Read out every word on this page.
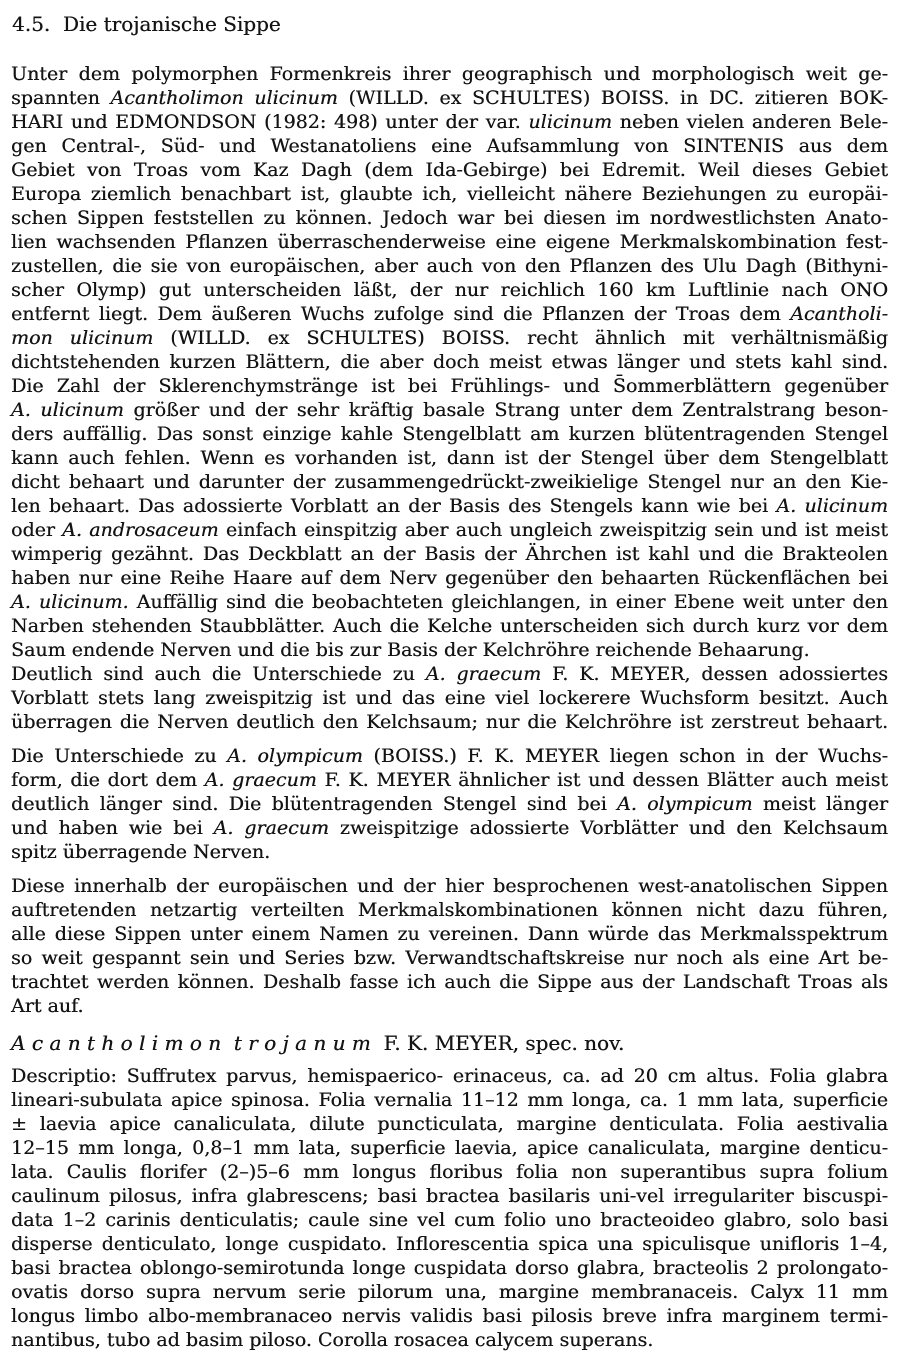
4.5.  Die trojanische Sippe
Unter dem polymorphen Formenkreis ihrer geographisch und morphologisch weit ge-
spannten Acantholimon ulicinum (WILLD. ex SCHULTES) BOISS. in DC. zitieren BOK-
HARI und EDMONDSON (1982: 498) unter der var. ulicinum neben vielen anderen Bele-
gen Central-, Süd- und Westanatoliens eine Aufsammlung von SINTENIS aus dem
Gebiet von Troas vom Kaz Dagh (dem Ida-Gebirge) bei Edremit. Weil dieses Gebiet
Europa ziemlich benachbart ist, glaubte ich, vielleicht nähere Beziehungen zu europäi-
schen Sippen feststellen zu können. Jedoch war bei diesen im nordwestlichsten Anato-
lien wachsenden Pflanzen überraschenderweise eine eigene Merkmalskombination fest-
zustellen, die sie von europäischen, aber auch von den Pflanzen des Ulu Dagh (Bithyni-
scher Olymp) gut unterscheiden läßt, der nur reichlich 160 km Luftlinie nach ONO
entfernt liegt. Dem äußeren Wuchs zufolge sind die Pflanzen der Troas dem Acantholi-
mon ulicinum (WILLD. ex SCHULTES) BOISS. recht ähnlich mit verhältnismäßig
dichtstehenden kurzen Blättern, die aber doch meist etwas länger und stets kahl sind.
Die Zahl der Sklerenchymstränge ist bei Frühlings- und S̄ommerblättern gegenüber
A. ulicinum größer und der sehr kräftig basale Strang unter dem Zentralstrang beson-
ders auffällig. Das sonst einzige kahle Stengelblatt am kurzen blütentragenden Stengel
kann auch fehlen. Wenn es vorhanden ist, dann ist der Stengel über dem Stengelblatt
dicht behaart und darunter der zusammengedrückt-zweikielige Stengel nur an den Kie-
len behaart. Das adossierte Vorblatt an der Basis des Stengels kann wie bei A. ulicinum
oder A. androsaceum einfach einspitzig aber auch ungleich zweispitzig sein und ist meist
wimperig gezähnt. Das Deckblatt an der Basis der Ährchen ist kahl und die Brakteolen
haben nur eine Reihe Haare auf dem Nerv gegenüber den behaarten Rückenflächen bei
A. ulicinum. Auffällig sind die beobachteten gleichlangen, in einer Ebene weit unter den
Narben stehenden Staubblätter. Auch die Kelche unterscheiden sich durch kurz vor dem
Saum endende Nerven und die bis zur Basis der Kelchröhre reichende Behaarung.
Deutlich sind auch die Unterschiede zu A. graecum F. K. MEYER, dessen adossiertes
Vorblatt stets lang zweispitzig ist und das eine viel lockerere Wuchsform besitzt. Auch
überragen die Nerven deutlich den Kelchsaum; nur die Kelchröhre ist zerstreut behaart.
Die Unterschiede zu A. olympicum (BOISS.) F. K. MEYER liegen schon in der Wuchs-
form, die dort dem A. graecum F. K. MEYER ähnlicher ist und dessen Blätter auch meist
deutlich länger sind. Die blütentragenden Stengel sind bei A. olympicum meist länger
und haben wie bei A. graecum zweispitzige adossierte Vorblätter und den Kelchsaum
spitz überragende Nerven.
Diese innerhalb der europäischen und der hier besprochenen west-anatolischen Sippen
auftretenden netzartig verteilten Merkmalskombinationen können nicht dazu führen,
alle diese Sippen unter einem Namen zu vereinen. Dann würde das Merkmalsspektrum
so weit gespannt sein und Series bzw. Verwandtschaftskreise nur noch als eine Art be-
trachtet werden können. Deshalb fasse ich auch die Sippe aus der Landschaft Troas als
Art auf.
A c a n t h o l i m o n  t r o j a n u m  F. K. MEYER, spec. nov.
Descriptio: Suffrutex parvus, hemispaerico- erinaceus, ca. ad 20 cm altus. Folia glabra
lineari-subulata apice spinosa. Folia vernalia 11–12 mm longa, ca. 1 mm lata, superficie
± laevia apice canaliculata, dilute puncticulata, margine denticulata. Folia aestivalia
12–15 mm longa, 0,8–1 mm lata, superficie laevia, apice canaliculata, margine denticu-
lata. Caulis florifer (2–)5–6 mm longus floribus folia non superantibus supra folium
caulinum pilosus, infra glabrescens; basi bractea basilaris uni-vel irregulariter biscuspi-
data 1–2 carinis denticulatis; caule sine vel cum folio uno bracteoideo glabro, solo basi
disperse denticulato, longe cuspidato. Inflorescentia spica una spiculisque unifloris 1–4,
basi bractea oblongo-semirotunda longe cuspidata dorso glabra, bracteolis 2 prolongato-
ovatis dorso supra nervum serie pilorum una, margine membranaceis. Calyx 11 mm
longus limbo albo-membranaceo nervis validis basi pilosis breve infra marginem termi-
nantibus, tubo ad basim piloso. Corolla rosacea calycem superans.
